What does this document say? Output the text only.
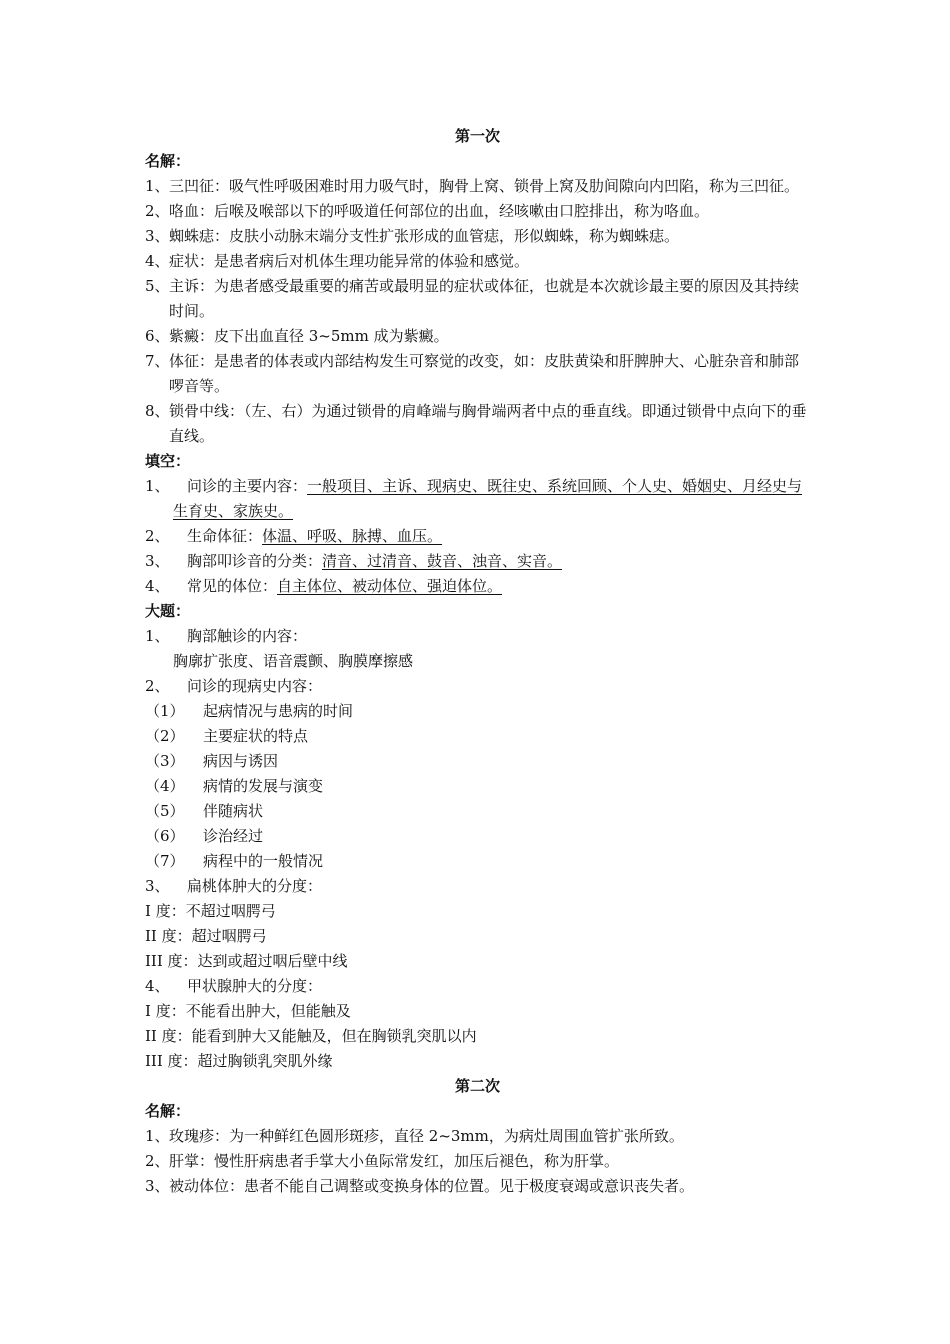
第一次
名解：
1、 三凹征：吸气性呼吸困难时用力吸气时，胸骨上窝、锁骨上窝及肋间隙向内凹陷，称为三凹征。
2、 咯血：后喉及喉部以下的呼吸道任何部位的出血，经咳嗽由口腔排出，称为咯血。
3、 蜘蛛痣：皮肤小动脉末端分支性扩张形成的血管痣，形似蜘蛛，称为蜘蛛痣。
4、 症状：是患者病后对机体生理功能异常的体验和感觉。
5、 主诉：为患者感受最重要的痛苦或最明显的症状或体征，也就是本次就诊最主要的原因及其持续时间。
6、 紫癜：皮下出血直径 3~5mm 成为紫癜。
7、 体征：是患者的体表或内部结构发生可察觉的改变，如：皮肤黄染和肝脾肿大、心脏杂音和肺部啰音等。
8、 锁骨中线：（左、右）为通过锁骨的肩峰端与胸骨端两者中点的垂直线。即通过锁骨中点向下的垂直线。
填空：
1、 问诊的主要内容：一般项目、主诉、现病史、既往史、系统回顾、个人史、婚姻史、月经史与生育史、家族史。
2、 生命体征：体温、呼吸、脉搏、血压。
3、 胸部叩诊音的分类：清音、过清音、鼓音、浊音、实音。
4、 常见的体位：自主体位、被动体位、强迫体位。
大题：
1、 胸部触诊的内容：
胸廓扩张度、语音震颤、胸膜摩擦感
2、 问诊的现病史内容：
（1） 起病情况与患病的时间
（2） 主要症状的特点
（3） 病因与诱因
（4） 病情的发展与演变
（5） 伴随病状
（6） 诊治经过
（7） 病程中的一般情况
3、 扁桃体肿大的分度：
I 度：不超过咽腭弓
II 度：超过咽腭弓
III 度：达到或超过咽后壁中线
4、 甲状腺肿大的分度：
I 度：不能看出肿大，但能触及
II 度：能看到肿大又能触及，但在胸锁乳突肌以内
III 度：超过胸锁乳突肌外缘
第二次
名解：
1、 玫瑰疹：为一种鲜红色圆形斑疹，直径 2~3mm，为病灶周围血管扩张所致。
2、 肝掌：慢性肝病患者手掌大小鱼际常发红，加压后褪色，称为肝掌。
3、 被动体位：患者不能自己调整或变换身体的位置。见于极度衰竭或意识丧失者。
